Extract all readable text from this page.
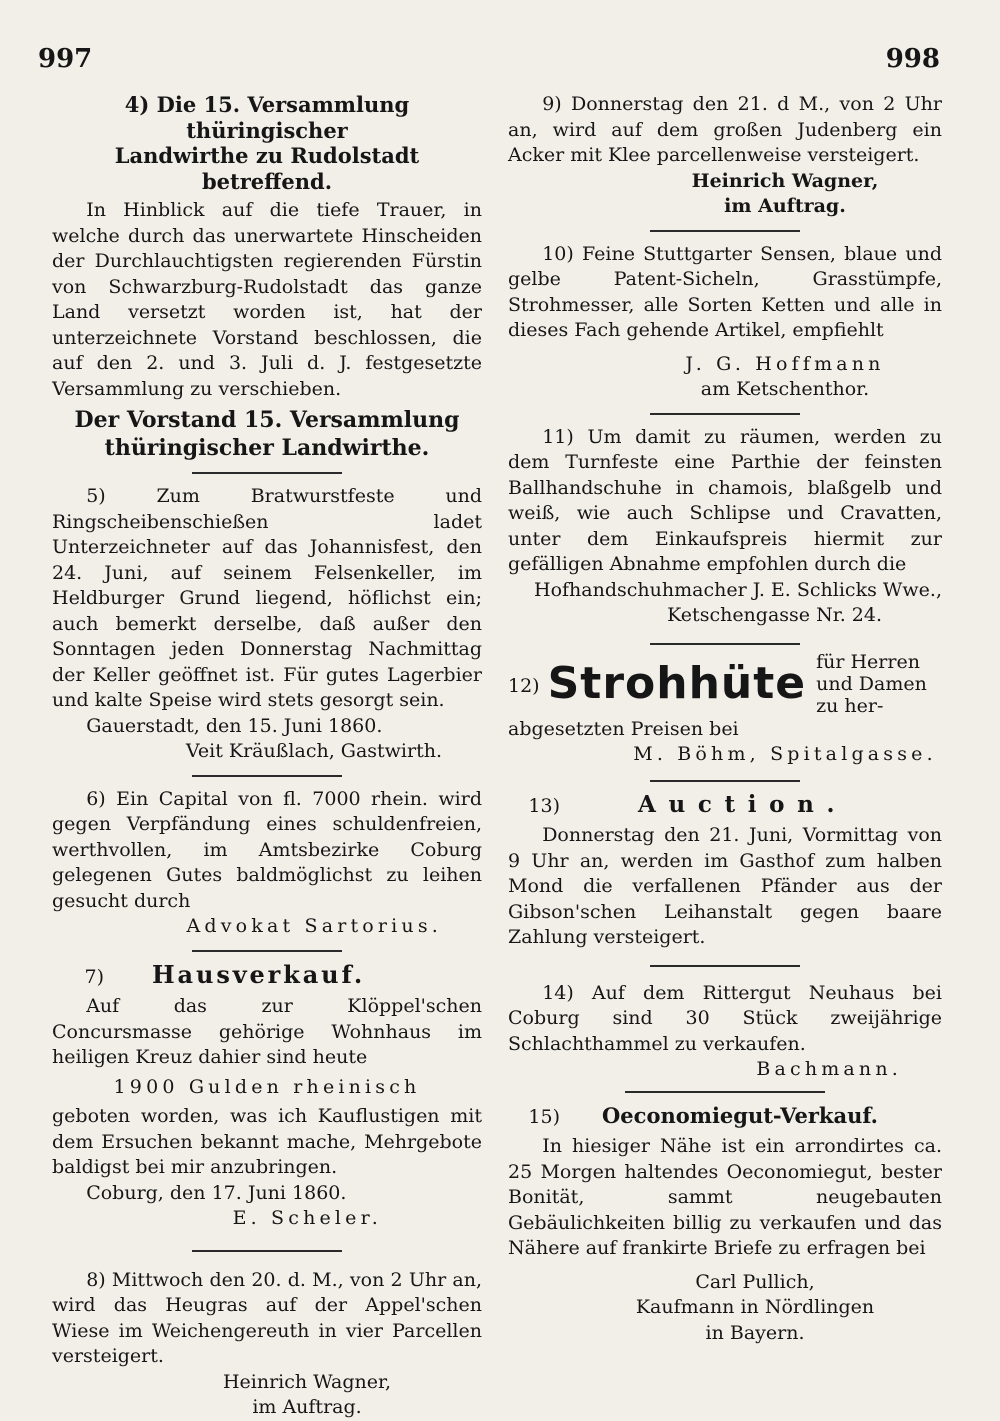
997	998

4) Die 15. Versammlung thüringischer

Landwirthe zu Rudolstadt betreffend.

In Hinblick auf die tiefe Trauer, in welche durch das unerwartete Hinscheiden der Durchlauchtigsten regierenden Fürstin von Schwarzburg-Rudolstadt das ganze Land versetzt worden ist, hat der unterzeichnete Vorstand beschlossen, die auf den 2. und 3. Juli d. J. festgesetzte Versammlung zu verschieben.

Der Vorstand 15. Versammlung

thüringischer Landwirthe.

5) Zum Bratwurstfeste und Ringscheibenschießen ladet Unterzeichneter auf das Johannisfest, den 24. Juni, auf seinem Felsenkeller, im Heldburger Grund liegend, höflichst ein; auch bemerkt derselbe, daß außer den Sonntagen jeden Donnerstag Nachmittag der Keller geöffnet ist. Für gutes Lagerbier und kalte Speise wird stets gesorgt sein.

Gauerstadt, den 15. Juni 1860.

Veit Kräußlach, Gastwirth.

6) Ein Capital von fl. 7000 rhein. wird gegen Verpfändung eines schuldenfreien, werthvollen, im Amtsbezirke Coburg gelegenen Gutes baldmöglichst zu leihen gesucht durch

Advokat Sartorius.

7)	Hausverkauf.

Auf das zur Klöppel'schen Concursmasse gehörige Wohnhaus im heiligen Kreuz dahier sind heute

1900 Gulden rheinisch

geboten worden, was ich Kauflustigen mit dem Ersuchen bekannt mache, Mehrgebote baldigst bei mir anzubringen.

Coburg, den 17. Juni 1860.

E. Scheler.

8) Mittwoch den 20. d. M., von 2 Uhr an, wird das Heugras auf der Appel'schen Wiese im Weichengereuth in vier Parcellen versteigert.

Heinrich Wagner,

im Auftrag.

9) Donnerstag den 21. d M., von 2 Uhr an, wird auf dem großen Judenberg ein Acker mit Klee parcellenweise versteigert.

Heinrich Wagner,

im Auftrag.

10) Feine Stuttgarter Sensen, blaue und gelbe Patent-Sicheln, Grasstümpfe, Strohmesser, alle Sorten Ketten und alle in dieses Fach gehende Artikel, empfiehlt

J. G. Hoffmann

am Ketschenthor.

11) Um damit zu räumen, werden zu dem Turnfeste eine Parthie der feinsten Ballhandschuhe in chamois, blaßgelb und weiß, wie auch Schlipse und Cravatten, unter dem Einkaufspreis hiermit zur gefälligen Abnahme empfohlen durch die

Hofhandschuhmacher J. E. Schlicks Wwe.,

Ketschengasse Nr. 24.

12) Strohhüte für Herren und Damen zu her-

abgesetzten Preisen bei

M. Böhm, Spitalgasse.

13)	Auction.

Donnerstag den 21. Juni, Vormittag von 9 Uhr an, werden im Gasthof zum halben Mond die verfallenen Pfänder aus der Gibson'schen Leihanstalt gegen baare Zahlung versteigert.

14) Auf dem Rittergut Neuhaus bei Coburg sind 30 Stück zweijährige Schlachthammel zu verkaufen.

Bachmann.

15)	Oeconomiegut-Verkauf.

In hiesiger Nähe ist ein arrondirtes ca. 25 Morgen haltendes Oeconomiegut, bester Bonität, sammt neugebauten Gebäulichkeiten billig zu verkaufen und das Nähere auf frankirte Briefe zu erfragen bei

Carl Pullich,

Kaufmann in Nördlingen

in Bayern.
